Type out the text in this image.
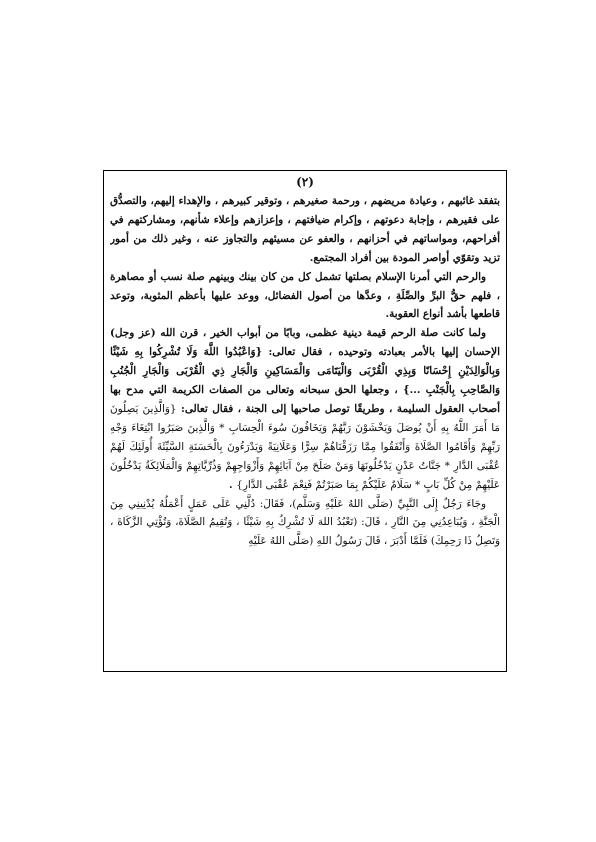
(٢)

بتفقد غائبهم ، وعيادة مريضهم ، ورحمة صغيرهم ، وتوقير كبيرهم ، والإهداء إليهم، والتصدُّق على فقيرهم ، وإجابة دعوتهم ، وإكرام ضيافتهم ، وإعزازهم وإعلاء شأنهم، ومشاركتهم في أفراحهم، ومواساتهم في أحزانهم ، والعفو عن مسيئهم والتجاوز عنه ، وغير ذلك من أمور تزيد وتقوّي أواصر المودة بين أفراد المجتمع.

والرحم التي أمرنا الإسلام بصلتها تشمل كل من كان بينك وبينهم صلة نسب أو مصاهرة ، فلهم حقُّ البرِّ والصِّلَةِ ، وعدَّها من أصول الفضائل، ووعد عليها بأعظم المثوبة، وتوعد قاطعها بأشد أنواع العقوبة.

ولما كانت صلة الرحم قيمة دينية عظمى، وبابًا من أبواب الخير ، قرن الله (عز وجل) الإحسان إليها بالأمر بعبادته وتوحيده ، فقال تعالى: {وَاعْبُدُوا اللَّهَ وَلَا تُشْرِكُوا بِهِ شَيْئًا وَبِالْوَالِدَيْنِ إِحْسَانًا وَبِذِي الْقُرْبَى وَالْيَتَامَى وَالْمَسَاكِينِ وَالْجَارِ ذِي الْقُرْبَى وَالْجَارِ الْجُنُبِ وَالصَّاحِبِ بِالْجَنْبِ ...} ، وجعلها الحق سبحانه وتعالى من الصفات الكريمة التي مدح بها أصحاب العقول السليمة ، وطريقًا توصل صاحبها إلى الجنة ، فقال تعالى: {وَالَّذِينَ يَصِلُونَ مَا أَمَرَ اللَّهُ بِهِ أَنْ يُوصَلَ وَيَخْشَوْنَ رَبَّهُمْ وَيَخَافُونَ سُوءَ الْحِسَابِ * وَالَّذِينَ صَبَرُوا ابْتِغَاءَ وَجْهِ رَبِّهِمْ وَأَقَامُوا الصَّلَاةَ وَأَنْفَقُوا مِمَّا رَزَقْنَاهُمْ سِرًّا وَعَلَانِيَةً وَيَدْرَءُونَ بِالْحَسَنَةِ السَّيِّئَةَ أُولَئِكَ لَهُمْ عُقْبَى الدَّارِ * جَنَّاتُ عَدْنٍ يَدْخُلُونَهَا وَمَنْ صَلَحَ مِنْ آبَائِهِمْ وَأَزْوَاجِهِمْ وَذُرِّيَّاتِهِمْ وَالْمَلَائِكَةُ يَدْخُلُونَ عَلَيْهِمْ مِنْ كُلِّ بَابٍ * سَلَامٌ عَلَيْكُمْ بِمَا صَبَرْتُمْ فَنِعْمَ عُقْبَى الدَّارِ} .

وجَاءَ رَجُلٌ إِلَى النَّبِيِّ (صَلَّى اللهُ عَلَيْهِ وَسَلَّم)، فَقَالَ: دُلَّنِي عَلَى عَمَلٍ أَعْمَلُهُ يُدْنِينِي مِنَ الْجَنَّةِ ، وَيُبَاعِدُنِي مِنَ النَّارِ ، قَالَ: (تَعْبُدُ اللهَ لَا تُشْرِكُ بِهِ شَيْئًا ، وَتُقِيمُ الصَّلَاةَ، وَتُؤْتِي الزَّكَاةَ ، وَتَصِلُ ذَا رَحِمِكَ) فَلَمَّا أَدْبَرَ ، قَالَ رَسُولُ اللهِ (صَلَّى اللهُ عَلَيْهِ
